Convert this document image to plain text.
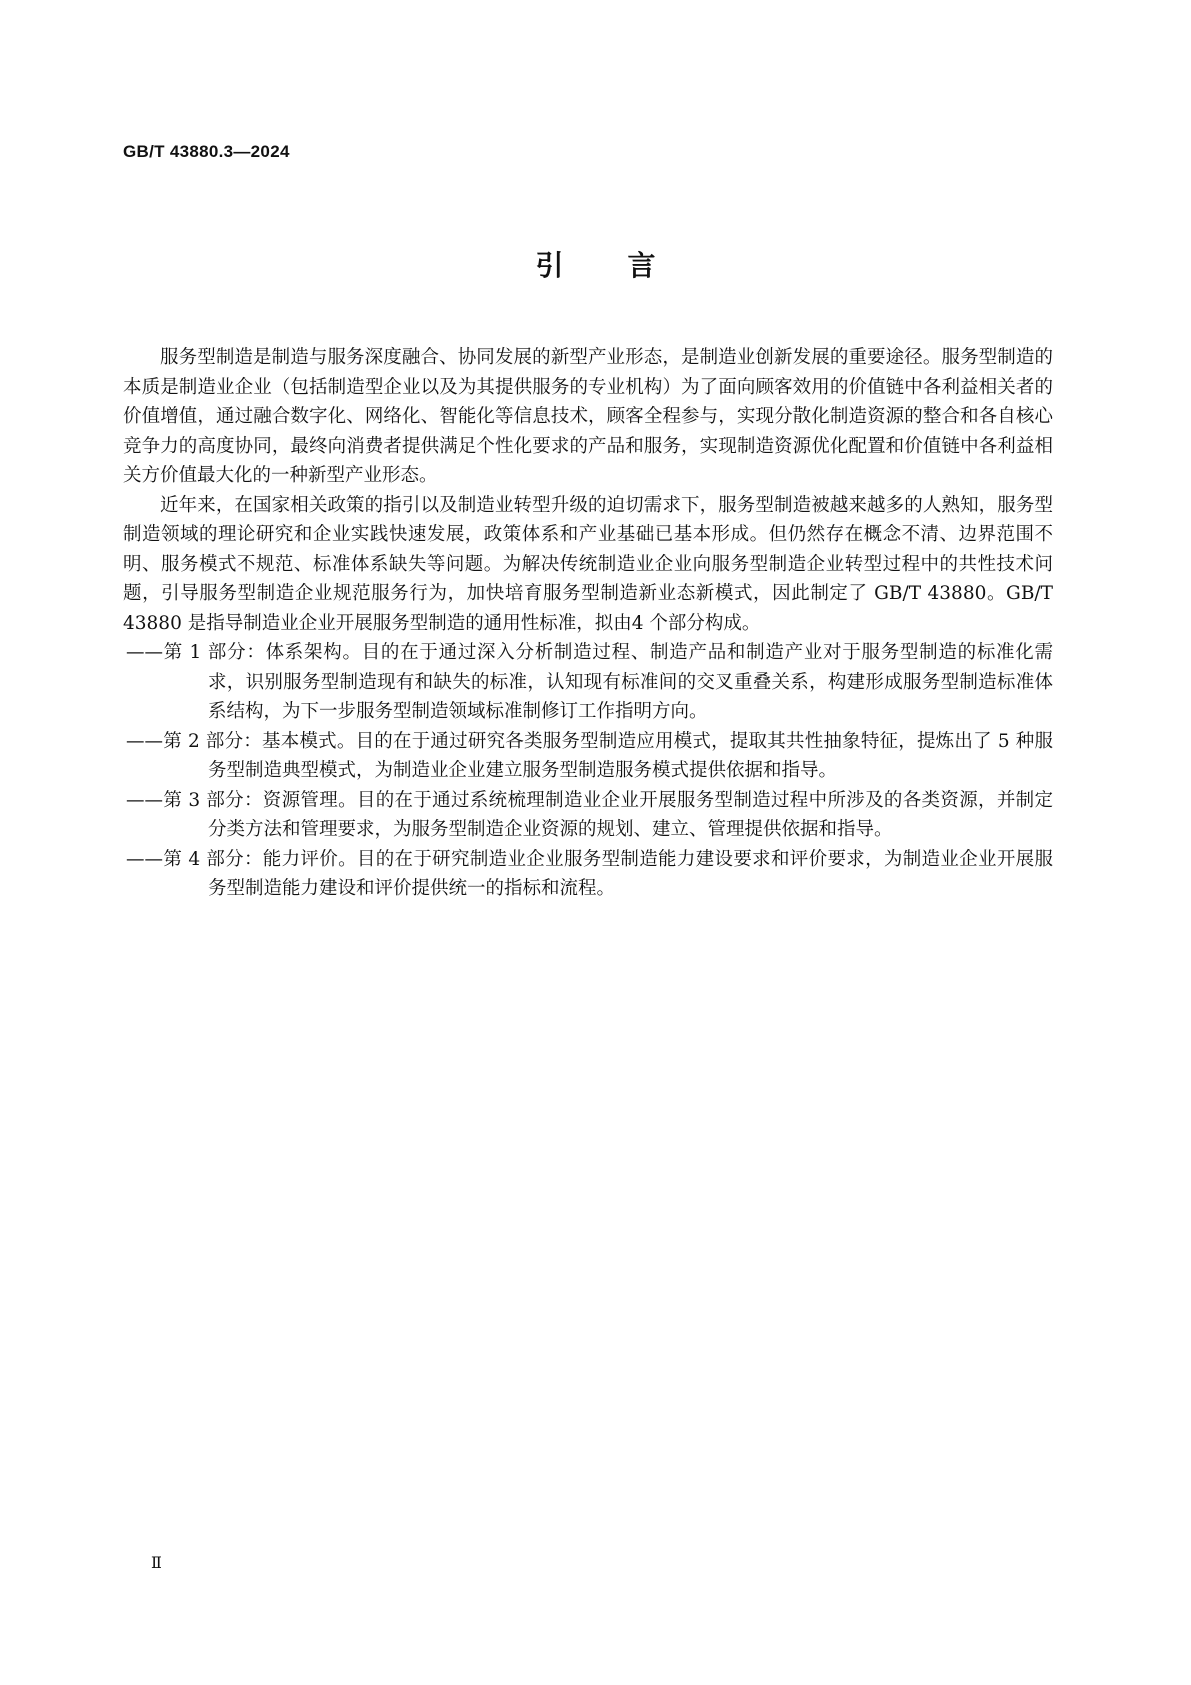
GB/T 43880.3—2024
引言

服务型制造是制造与服务深度融合、协同发展的新型产业形态，是制造业创新发展的重要途径。服务型制造的本质是制造业企业（包括制造型企业以及为其提供服务的专业机构）为了面向顾客效用的价值链中各利益相关者的价值增值，通过融合数字化、网络化、智能化等信息技术，顾客全程参与，实现分散化制造资源的整合和各自核心竞争力的高度协同，最终向消费者提供满足个性化要求的产品和服务，实现制造资源优化配置和价值链中各利益相关方价值最大化的一种新型产业形态。

近年来，在国家相关政策的指引以及制造业转型升级的迫切需求下，服务型制造被越来越多的人熟知，服务型制造领域的理论研究和企业实践快速发展，政策体系和产业基础已基本形成。但仍然存在概念不清、边界范围不明、服务模式不规范、标准体系缺失等问题。为解决传统制造业企业向服务型制造企业转型过程中的共性技术问题，引导服务型制造企业规范服务行为，加快培育服务型制造新业态新模式，因此制定了 GB/T 43880。GB/T 43880 是指导制造业企业开展服务型制造的通用性标准，拟由4 个部分构成。

——第 1 部分：体系架构。目的在于通过深入分析制造过程、制造产品和制造产业对于服务型制造的标准化需求，识别服务型制造现有和缺失的标准，认知现有标准间的交叉重叠关系，构建形成服务型制造标准体系结构，为下一步服务型制造领域标准制修订工作指明方向。

——第 2 部分：基本模式。目的在于通过研究各类服务型制造应用模式，提取其共性抽象特征，提炼出了 5 种服务型制造典型模式，为制造业企业建立服务型制造服务模式提供依据和指导。

——第 3 部分：资源管理。目的在于通过系统梳理制造业企业开展服务型制造过程中所涉及的各类资源，并制定分类方法和管理要求，为服务型制造企业资源的规划、建立、管理提供依据和指导。

——第 4 部分：能力评价。目的在于研究制造业企业服务型制造能力建设要求和评价要求，为制造业企业开展服务型制造能力建设和评价提供统一的指标和流程。

Ⅱ
